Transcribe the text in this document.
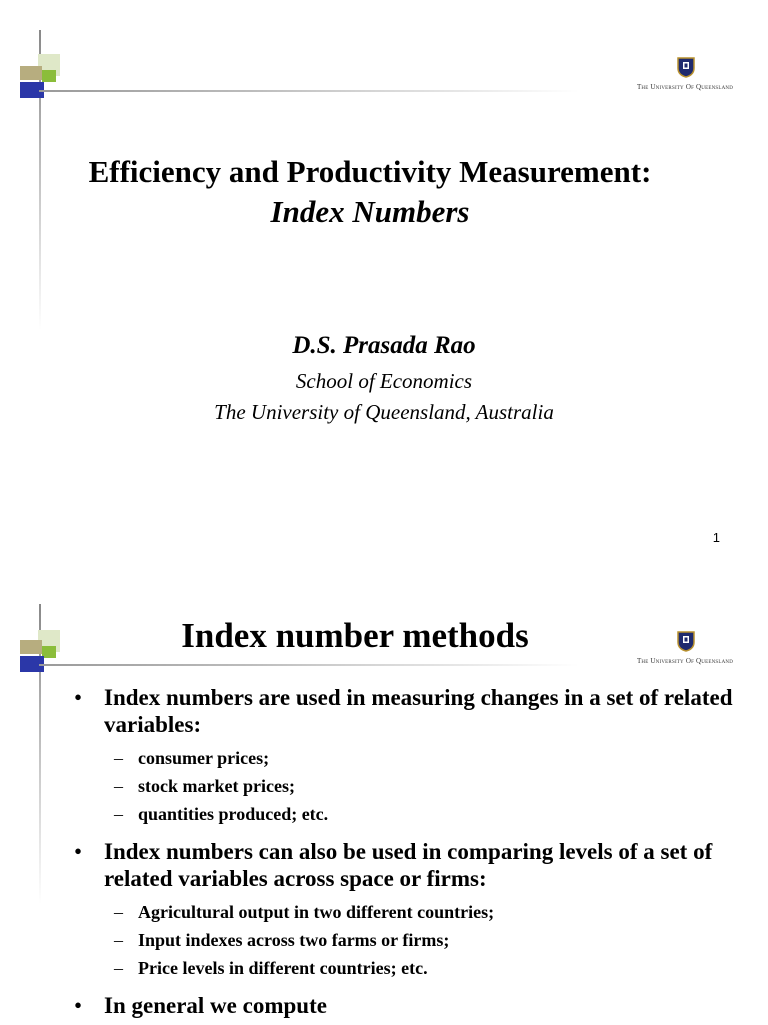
The University Of Queensland
Efficiency and Productivity Measurement:
Index Numbers
D.S. Prasada Rao
School of Economics
The University of Queensland, Australia
1
The University Of Queensland
Index number methods
• Index numbers are used in measuring changes in a set of related variables:
– consumer prices;
– stock market prices;
– quantities produced; etc.
• Index numbers can also be used in comparing levels of a set of related variables across space or firms:
– Agricultural output in two different countries;
– Input indexes across two farms or firms;
– Price levels in different countries; etc.
• In general we compute
